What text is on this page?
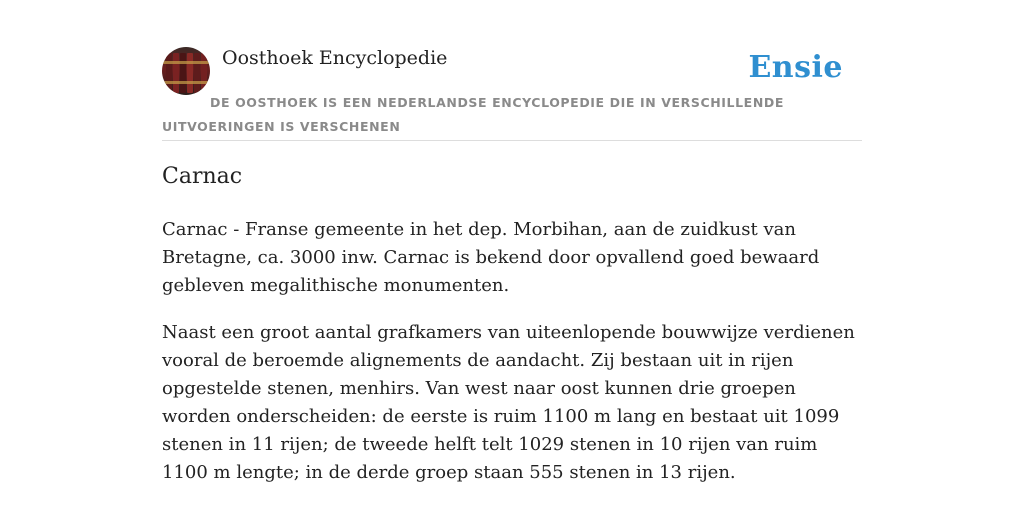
Oosthoek Encyclopedie	Ensie
DE OOSTHOEK IS EEN NEDERLANDSE ENCYCLOPEDIE DIE IN VERSCHILLENDE UITVOERINGEN IS VERSCHENEN
Carnac

Carnac - Franse gemeente in het dep. Morbihan, aan de zuidkust van Bretagne, ca. 3000 inw. Carnac is bekend door opvallend goed bewaard gebleven megalithische monumenten.

Naast een groot aantal grafkamers van uiteenlopende bouwwijze verdienen vooral de beroemde alignements de aandacht. Zij bestaan uit in rijen opgestelde stenen, menhirs. Van west naar oost kunnen drie groepen worden onderscheiden: de eerste is ruim 1100 m lang en bestaat uit 1099 stenen in 11 rijen; de tweede helft telt 1029 stenen in 10 rijen van ruim 1100 m lengte; in de derde groep staan 555 stenen in 13 rijen.
